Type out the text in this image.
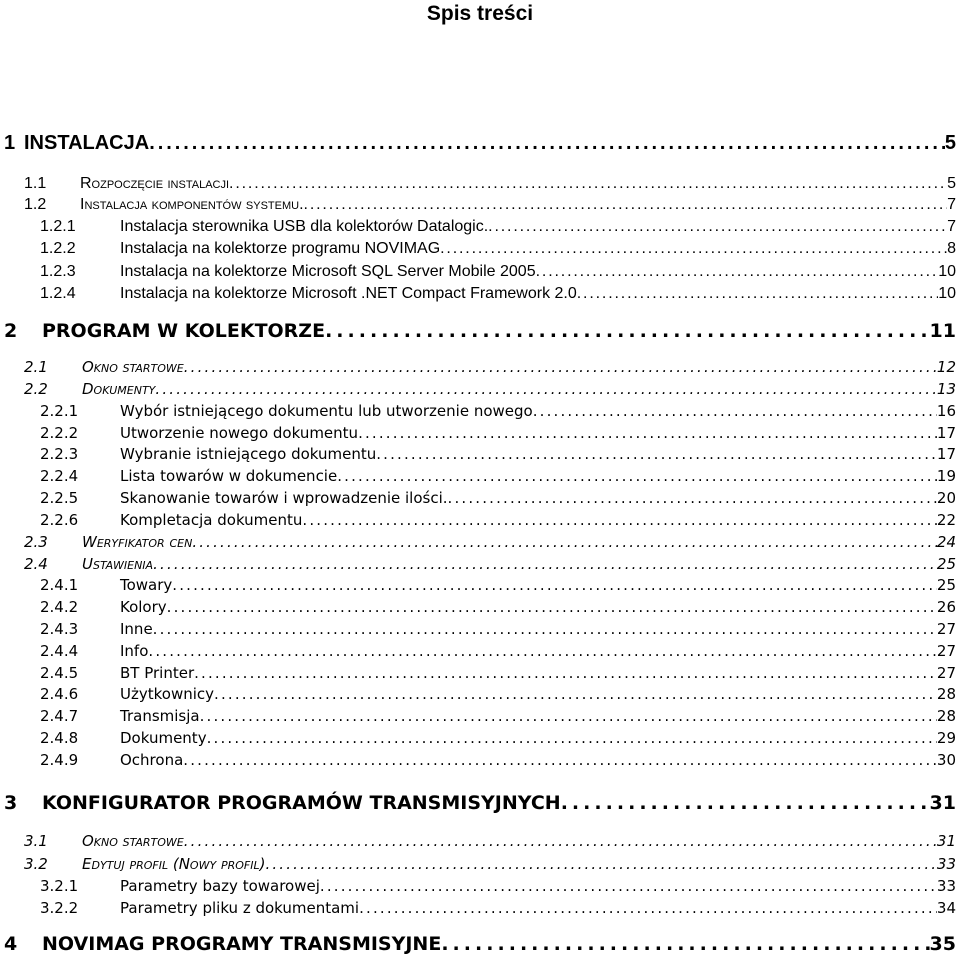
Spis treści
1 INSTALACJA . . .	5
1.1	Rozpoczęcie instalacji . . .	5
1.2	Instalacja komponentów systemu. . . .	7
1.2.1	Instalacja sterownika USB dla kolektorów Datalogic. . . .	7
1.2.2	Instalacja na kolektorze programu NOVIMAG . . .	8
1.2.3	Instalacja na kolektorze Microsoft SQL Server Mobile 2005 . . .	10
1.2.4	Instalacja na kolektorze Microsoft .NET Compact Framework 2.0 . . .	10
2	PROGRAM W KOLEKTORZE . . .	11
2.1	Okno startowe . . .	12
2.2	Dokumenty . . .	13
2.2.1	Wybór istniejącego dokumentu lub utworzenie nowego . . .	16
2.2.2	Utworzenie nowego dokumentu . . .	17
2.2.3	Wybranie istniejącego dokumentu . . .	17
2.2.4	Lista towarów w dokumencie . . .	19
2.2.5	Skanowanie towarów i wprowadzenie ilości. . . .	20
2.2.6	Kompletacja dokumentu . . .	22
2.3	Weryfikator cen . . .	24
2.4	Ustawienia . . .	25
2.4.1	Towary . . .	25
2.4.2	Kolory . . .	26
2.4.3	Inne . . .	27
2.4.4	Info . . .	27
2.4.5	BT Printer . . .	27
2.4.6	Użytkownicy . . .	28
2.4.7	Transmisja . . .	28
2.4.8	Dokumenty . . .	29
2.4.9	Ochrona . . .	30
3	KONFIGURATOR PROGRAMÓW TRANSMISYJNYCH . . .	31
3.1	Okno startowe . . .	31
3.2	Edytuj profil (Nowy profil) . . .	33
3.2.1	Parametry bazy towarowej . . .	33
3.2.2	Parametry pliku z dokumentami . . .	34
4	NOVIMAG PROGRAMY TRANSMISYJNE . . .	35
